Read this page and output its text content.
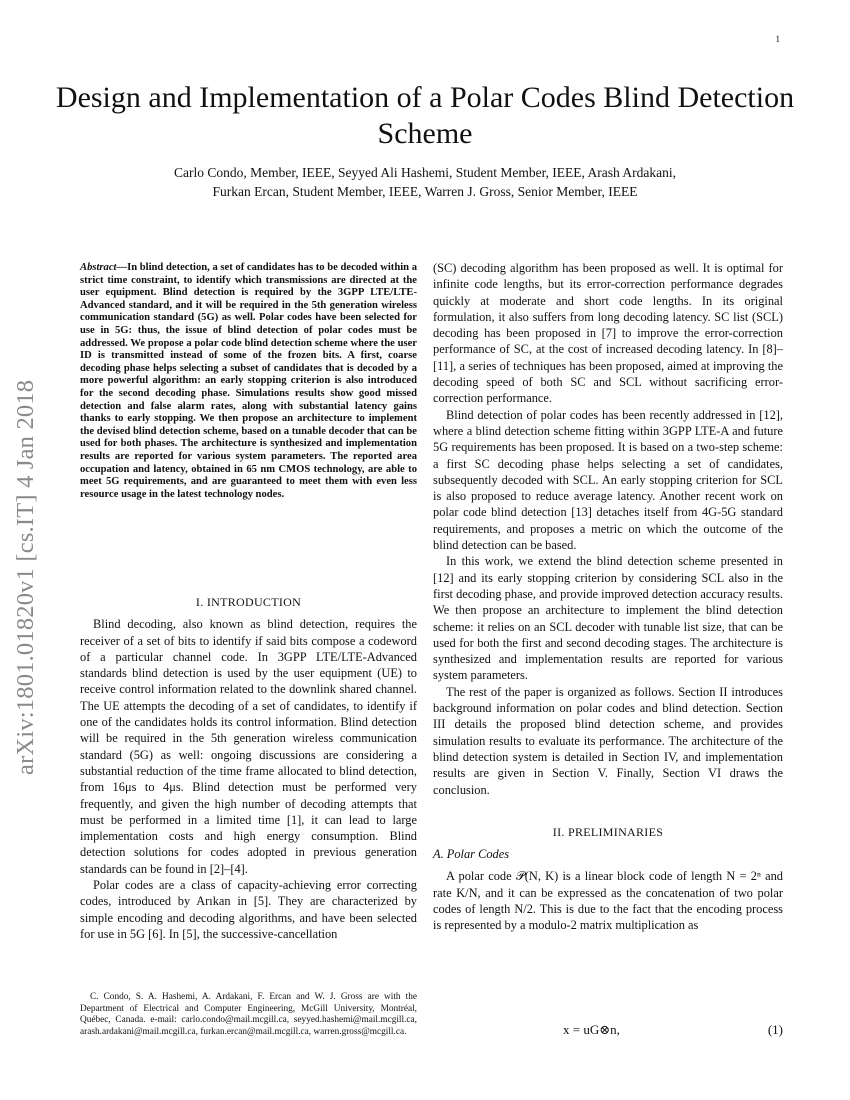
1
arXiv:1801.01820v1 [cs.IT] 4 Jan 2018
Design and Implementation of a Polar Codes Blind Detection Scheme
Carlo Condo, Member, IEEE, Seyyed Ali Hashemi, Student Member, IEEE, Arash Ardakani,
Furkan Ercan, Student Member, IEEE, Warren J. Gross, Senior Member, IEEE
Abstract—In blind detection, a set of candidates has to be decoded within a strict time constraint, to identify which transmissions are directed at the user equipment. Blind detection is required by the 3GPP LTE/LTE-Advanced standard, and it will be required in the 5th generation wireless communication standard (5G) as well. Polar codes have been selected for use in 5G: thus, the issue of blind detection of polar codes must be addressed. We propose a polar code blind detection scheme where the user ID is transmitted instead of some of the frozen bits. A first, coarse decoding phase helps selecting a subset of candidates that is decoded by a more powerful algorithm: an early stopping criterion is also introduced for the second decoding phase. Simulations results show good missed detection and false alarm rates, along with substantial latency gains thanks to early stopping. We then propose an architecture to implement the devised blind detection scheme, based on a tunable decoder that can be used for both phases. The architecture is synthesized and implementation results are reported for various system parameters. The reported area occupation and latency, obtained in 65 nm CMOS technology, are able to meet 5G requirements, and are guaranteed to meet them with even less resource usage in the latest technology nodes.
I. INTRODUCTION

Blind decoding, also known as blind detection, requires the receiver of a set of bits to identify if said bits compose a codeword of a particular channel code. In 3GPP LTE/LTE-Advanced standards blind detection is used by the user equipment (UE) to receive control information related to the downlink shared channel. The UE attempts the decoding of a set of candidates, to identify if one of the candidates holds its control information. Blind detection will be required in the 5th generation wireless communication standard (5G) as well: ongoing discussions are considering a substantial reduction of the time frame allocated to blind detection, from 16μs to 4μs. Blind detection must be performed very frequently, and given the high number of decoding attempts that must be performed in a limited time [1], it can lead to large implementation costs and high energy consumption. Blind detection solutions for codes adopted in previous generation standards can be found in [2]–[4].

Polar codes are a class of capacity-achieving error correcting codes, introduced by Arıkan in [5]. They are characterized by simple encoding and decoding algorithms, and have been selected for use in 5G [6]. In [5], the successive-cancellation

C. Condo, S. A. Hashemi, A. Ardakani, F. Ercan and W. J. Gross are with the Department of Electrical and Computer Engineering, McGill University, Montréal, Québec, Canada. e-mail: carlo.condo@mail.mcgill.ca, seyyed.hashemi@mail.mcgill.ca, arash.ardakani@mail.mcgill.ca, furkan.ercan@mail.mcgill.ca, warren.gross@mcgill.ca.

(SC) decoding algorithm has been proposed as well. It is optimal for infinite code lengths, but its error-correction performance degrades quickly at moderate and short code lengths. In its original formulation, it also suffers from long decoding latency. SC list (SCL) decoding has been proposed in [7] to improve the error-correction performance of SC, at the cost of increased decoding latency. In [8]–[11], a series of techniques has been proposed, aimed at improving the decoding speed of both SC and SCL without sacrificing error-correction performance.

Blind detection of polar codes has been recently addressed in [12], where a blind detection scheme fitting within 3GPP LTE-A and future 5G requirements has been proposed. It is based on a two-step scheme: a first SC decoding phase helps selecting a set of candidates, subsequently decoded with SCL. An early stopping criterion for SCL is also proposed to reduce average latency. Another recent work on polar code blind detection [13] detaches itself from 4G-5G standard requirements, and proposes a metric on which the outcome of the blind detection can be based.

In this work, we extend the blind detection scheme presented in [12] and its early stopping criterion by considering SCL also in the first decoding phase, and provide improved detection accuracy results. We then propose an architecture to implement the blind detection scheme: it relies on an SCL decoder with tunable list size, that can be used for both the first and second decoding stages. The architecture is synthesized and implementation results are reported for various system parameters.

The rest of the paper is organized as follows. Section II introduces background information on polar codes and blind detection. Section III details the proposed blind detection scheme, and provides simulation results to evaluate its performance. The architecture of the blind detection system is detailed in Section IV, and implementation results are given in Section V. Finally, Section VI draws the conclusion.

II. PRELIMINARIES
A. Polar Codes

A polar code 𝒫(N, K) is a linear block code of length N = 2ⁿ and rate K/N, and it can be expressed as the concatenation of two polar codes of length N/2. This is due to the fact that the encoding process is represented by a modulo-2 matrix multiplication as

x = uG⊗n,	(1)
